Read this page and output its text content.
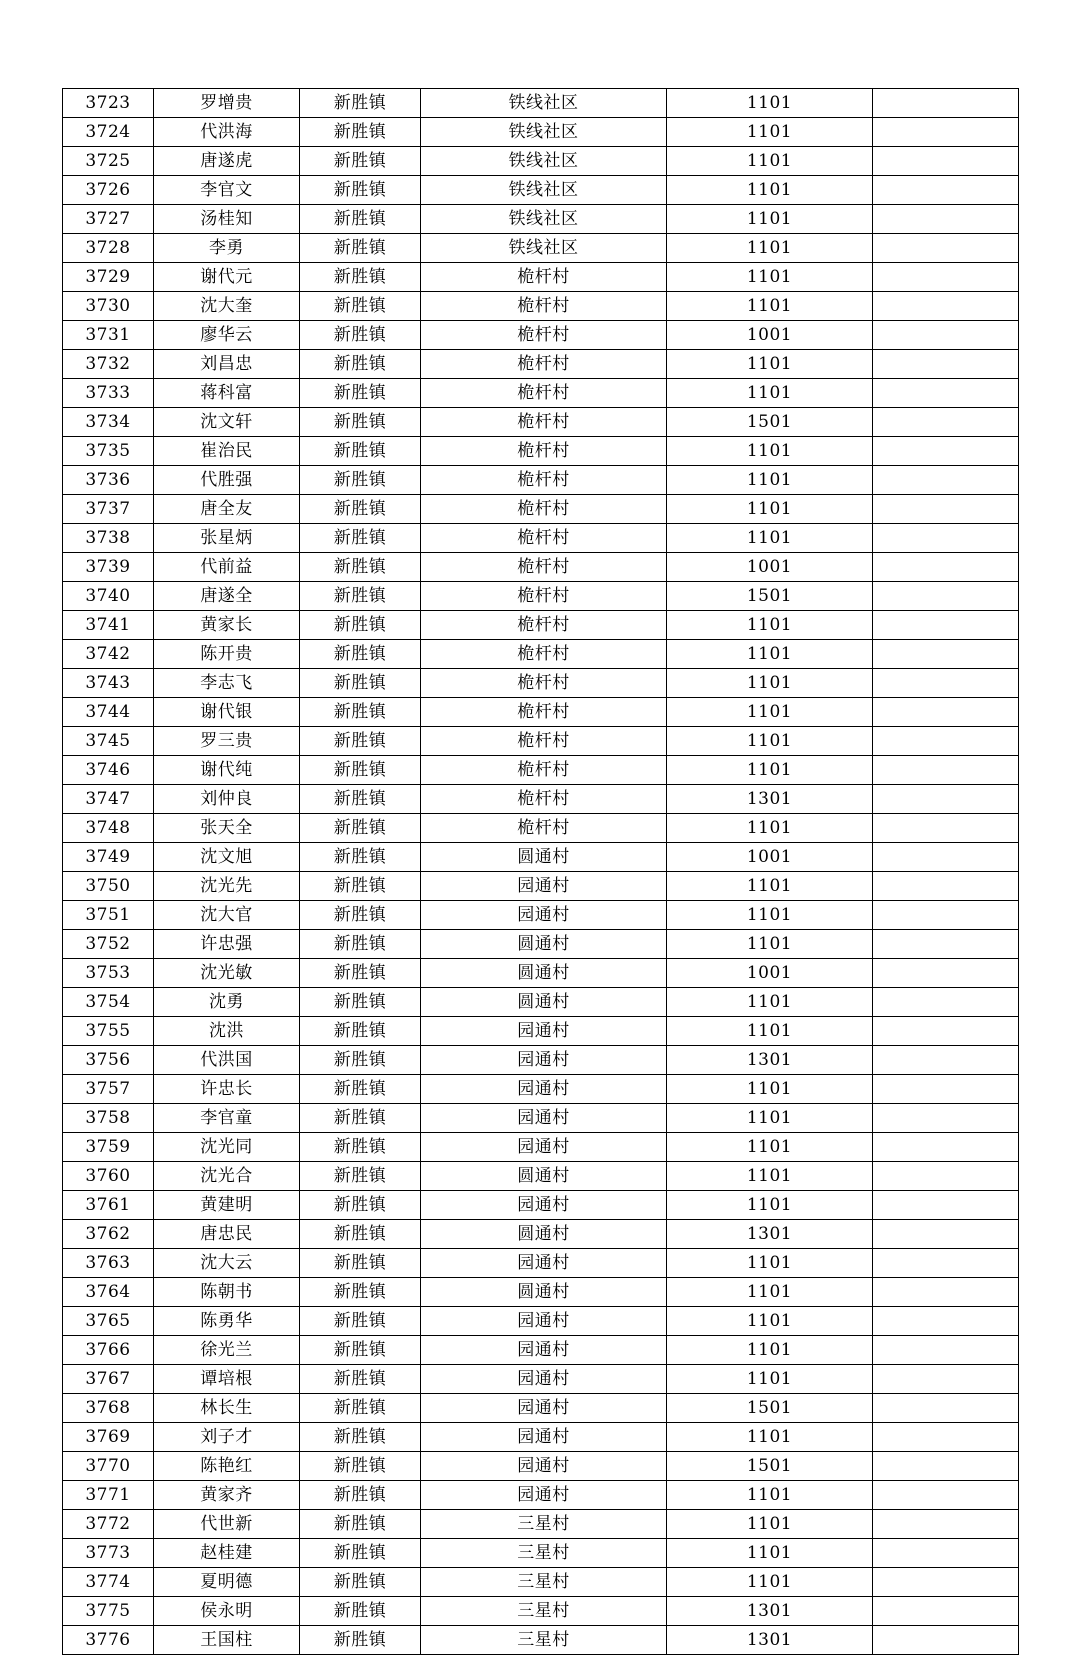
3723	罗增贵	新胜镇	铁线社区	1101	
3724	代洪海	新胜镇	铁线社区	1101	
3725	唐遂虎	新胜镇	铁线社区	1101	
3726	李官文	新胜镇	铁线社区	1101	
3727	汤桂知	新胜镇	铁线社区	1101	
3728	李勇	新胜镇	铁线社区	1101	
3729	谢代元	新胜镇	桅杆村	1101	
3730	沈大奎	新胜镇	桅杆村	1101	
3731	廖华云	新胜镇	桅杆村	1001	
3732	刘昌忠	新胜镇	桅杆村	1101	
3733	蒋科富	新胜镇	桅杆村	1101	
3734	沈文轩	新胜镇	桅杆村	1501	
3735	崔治民	新胜镇	桅杆村	1101	
3736	代胜强	新胜镇	桅杆村	1101	
3737	唐全友	新胜镇	桅杆村	1101	
3738	张星炳	新胜镇	桅杆村	1101	
3739	代前益	新胜镇	桅杆村	1001	
3740	唐遂全	新胜镇	桅杆村	1501	
3741	黄家长	新胜镇	桅杆村	1101	
3742	陈开贵	新胜镇	桅杆村	1101	
3743	李志飞	新胜镇	桅杆村	1101	
3744	谢代银	新胜镇	桅杆村	1101	
3745	罗三贵	新胜镇	桅杆村	1101	
3746	谢代纯	新胜镇	桅杆村	1101	
3747	刘仲良	新胜镇	桅杆村	1301	
3748	张天全	新胜镇	桅杆村	1101	
3749	沈文旭	新胜镇	圆通村	1001	
3750	沈光先	新胜镇	园通村	1101	
3751	沈大官	新胜镇	园通村	1101	
3752	许忠强	新胜镇	圆通村	1101	
3753	沈光敏	新胜镇	圆通村	1001	
3754	沈勇	新胜镇	圆通村	1101	
3755	沈洪	新胜镇	园通村	1101	
3756	代洪国	新胜镇	园通村	1301	
3757	许忠长	新胜镇	园通村	1101	
3758	李官童	新胜镇	园通村	1101	
3759	沈光同	新胜镇	园通村	1101	
3760	沈光合	新胜镇	圆通村	1101	
3761	黄建明	新胜镇	园通村	1101	
3762	唐忠民	新胜镇	圆通村	1301	
3763	沈大云	新胜镇	园通村	1101	
3764	陈朝书	新胜镇	圆通村	1101	
3765	陈勇华	新胜镇	园通村	1101	
3766	徐光兰	新胜镇	园通村	1101	
3767	谭培根	新胜镇	园通村	1101	
3768	林长生	新胜镇	园通村	1501	
3769	刘子才	新胜镇	园通村	1101	
3770	陈艳红	新胜镇	园通村	1501	
3771	黄家齐	新胜镇	园通村	1101	
3772	代世新	新胜镇	三星村	1101	
3773	赵桂建	新胜镇	三星村	1101	
3774	夏明德	新胜镇	三星村	1101	
3775	侯永明	新胜镇	三星村	1301	
3776	王国柱	新胜镇	三星村	1301	
